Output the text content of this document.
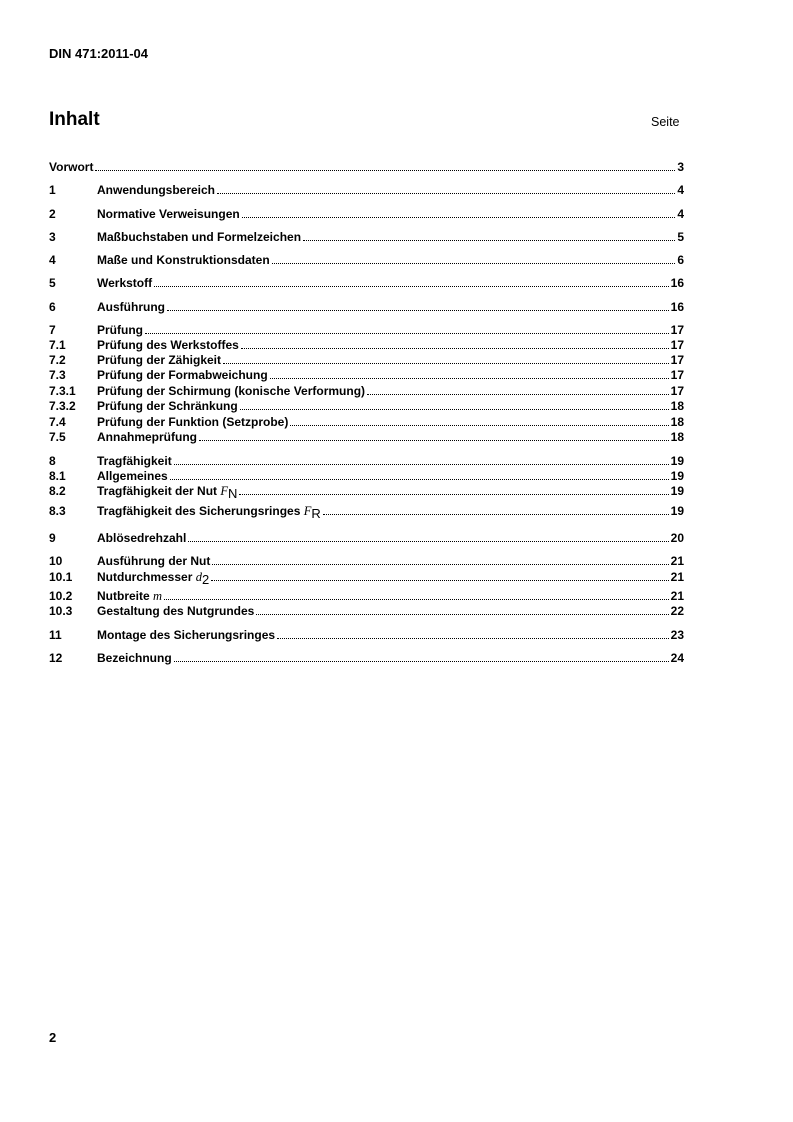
DIN 471:2011-04
Inhalt	Seite
Vorwort	3
1	Anwendungsbereich	4
2	Normative Verweisungen	4
3	Maßbuchstaben und Formelzeichen	5
4	Maße und Konstruktionsdaten	6
5	Werkstoff	16
6	Ausführung	16
7	Prüfung	17
7.1	Prüfung des Werkstoffes	17
7.2	Prüfung der Zähigkeit	17
7.3	Prüfung der Formabweichung	17
7.3.1	Prüfung der Schirmung (konische Verformung)	17
7.3.2	Prüfung der Schränkung	18
7.4	Prüfung der Funktion (Setzprobe)	18
7.5	Annahmeprüfung	18
8	Tragfähigkeit	19
8.1	Allgemeines	19
8.2	Tragfähigkeit der Nut FN	19
8.3	Tragfähigkeit des Sicherungsringes FR	19
9	Ablösedrehzahl	20
10	Ausführung der Nut	21
10.1	Nutdurchmesser d2	21
10.2	Nutbreite m	21
10.3	Gestaltung des Nutgrundes	22
11	Montage des Sicherungsringes	23
12	Bezeichnung	24
2
